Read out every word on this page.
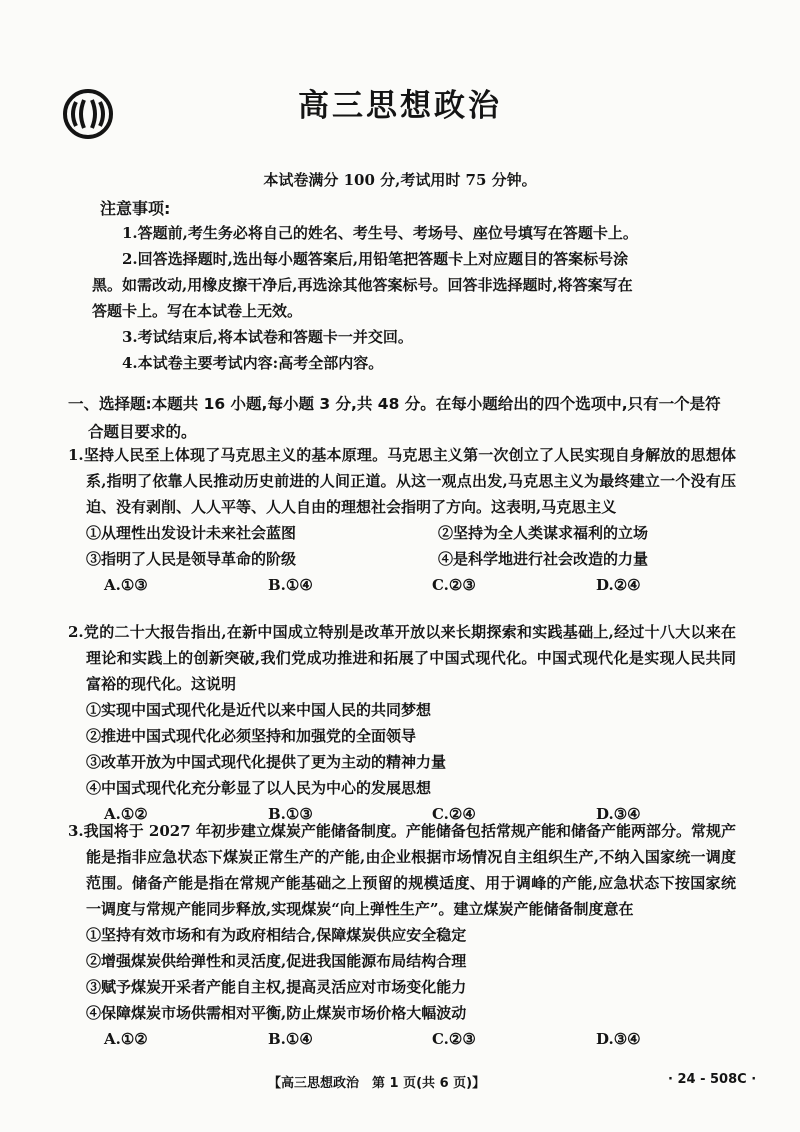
高三思想政治
本试卷满分 100 分,考试用时 75 分钟。
注意事项:

1.答题前,考生务必将自己的姓名、考生号、考场号、座位号填写在答题卡上。

2.回答选择题时,选出每小题答案后,用铅笔把答题卡上对应题目的答案标号涂

黑。如需改动,用橡皮擦干净后,再选涂其他答案标号。回答非选择题时,将答案写在

答题卡上。写在本试卷上无效。

3.考试结束后,将本试卷和答题卡一并交回。

4.本试卷主要考试内容:高考全部内容。

一、选择题:本题共 16 小题,每小题 3 分,共 48 分。在每小题给出的四个选项中,只有一个是符

合题目要求的。

1.坚持人民至上体现了马克思主义的基本原理。马克思主义第一次创立了人民实现自身解放的思想体系,指明了依靠人民推动历史前进的人间正道。从这一观点出发,马克思主义为最终建立一个没有压迫、没有剥削、人人平等、人人自由的理想社会指明了方向。这表明,马克思主义

①从理性出发设计未来社会蓝图	②坚持为全人类谋求福利的立场
③指明了人民是领导革命的阶级	④是科学地进行社会改造的力量
A.①③	B.①④	C.②③	D.②④

2.党的二十大报告指出,在新中国成立特别是改革开放以来长期探索和实践基础上,经过十八大以来在理论和实践上的创新突破,我们党成功推进和拓展了中国式现代化。中国式现代化是实现人民共同富裕的现代化。这说明

①实现中国式现代化是近代以来中国人民的共同梦想
②推进中国式现代化必须坚持和加强党的全面领导
③改革开放为中国式现代化提供了更为主动的精神力量
④中国式现代化充分彰显了以人民为中心的发展思想
A.①②	B.①③	C.②④	D.③④

3.我国将于 2027 年初步建立煤炭产能储备制度。产能储备包括常规产能和储备产能两部分。常规产能是指非应急状态下煤炭正常生产的产能,由企业根据市场情况自主组织生产,不纳入国家统一调度范围。储备产能是指在常规产能基础之上预留的规模适度、用于调峰的产能,应急状态下按国家统一调度与常规产能同步释放,实现煤炭“向上弹性生产”。建立煤炭产能储备制度意在

①坚持有效市场和有为政府相结合,保障煤炭供应安全稳定
②增强煤炭供给弹性和灵活度,促进我国能源布局结构合理
③赋予煤炭开采者产能自主权,提高灵活应对市场变化能力
④保障煤炭市场供需相对平衡,防止煤炭市场价格大幅波动
A.①②	B.①④	C.②③	D.③④
【高三思想政治　第 1 页(共 6 页)】	· 24 - 508C ·
